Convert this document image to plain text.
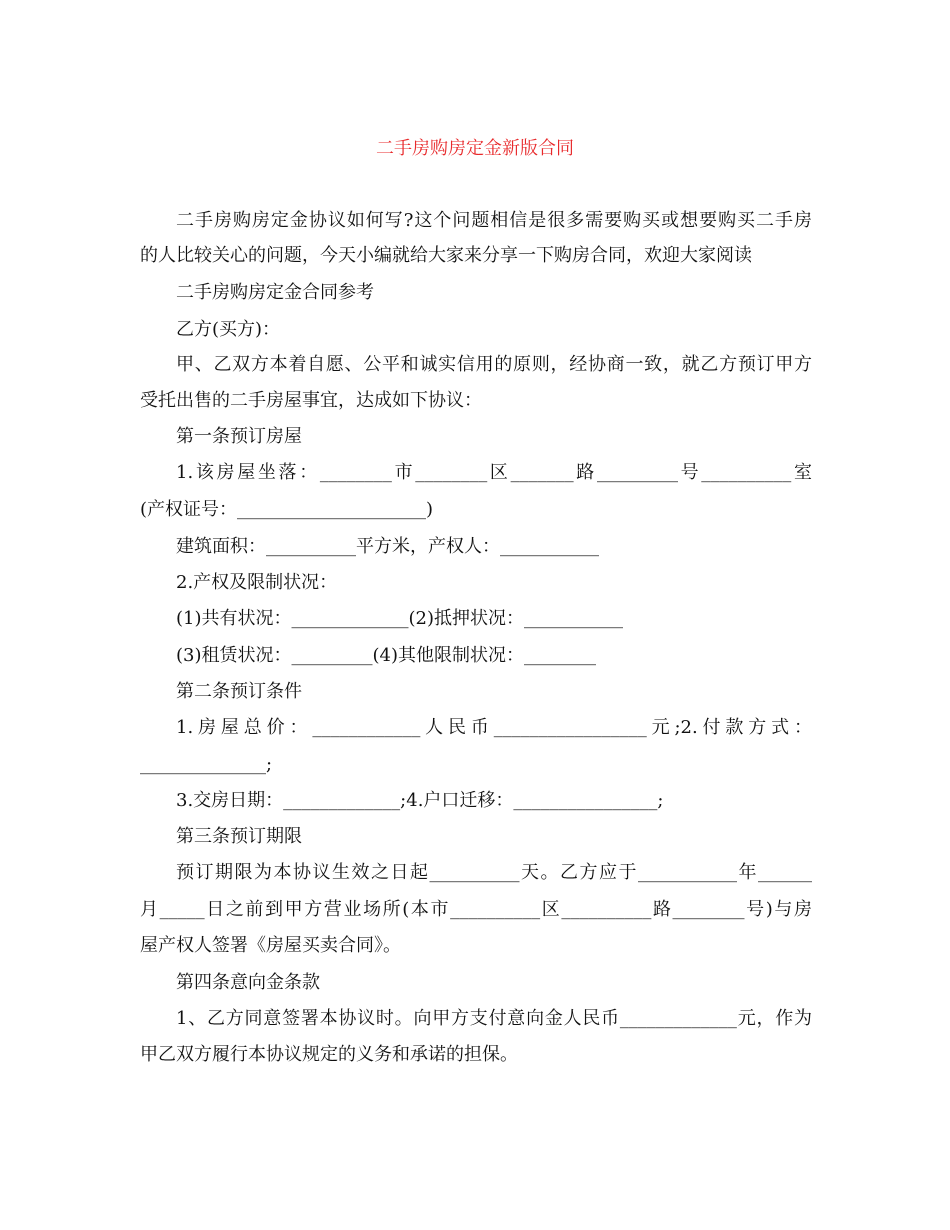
二手房购房定金新版合同
二手房购房定金协议如何写?这个问题相信是很多需要购买或想要购买二手房
的人比较关心的问题，今天小编就给大家来分享一下购房合同，欢迎大家阅读
二手房购房定金合同参考
乙方(买方)：
甲、乙双方本着自愿、公平和诚实信用的原则，经协商一致，就乙方预订甲方
受托出售的二手房屋事宜，达成如下协议：
第一条预订房屋
1.该房屋坐落：________市________区_______路_________号__________室
(产权证号：_____________________)
建筑面积：__________平方米，产权人：___________
2.产权及限制状况：
(1)共有状况：_____________(2)抵押状况：___________
(3)租赁状况：_________(4)其他限制状况：________
第二条预订条件
1.房屋总价：____________人民币_________________元;2.付款方式：
______________;
3.交房日期：_____________;4.户口迁移：________________;
第三条预订期限
预订期限为本协议生效之日起__________天。乙方应于___________年______
月_____日之前到甲方营业场所(本市__________区__________路________号)与房
屋产权人签署《房屋买卖合同》。
第四条意向金条款
1、乙方同意签署本协议时。向甲方支付意向金人民币_____________元，作为
甲乙双方履行本协议规定的义务和承诺的担保。
